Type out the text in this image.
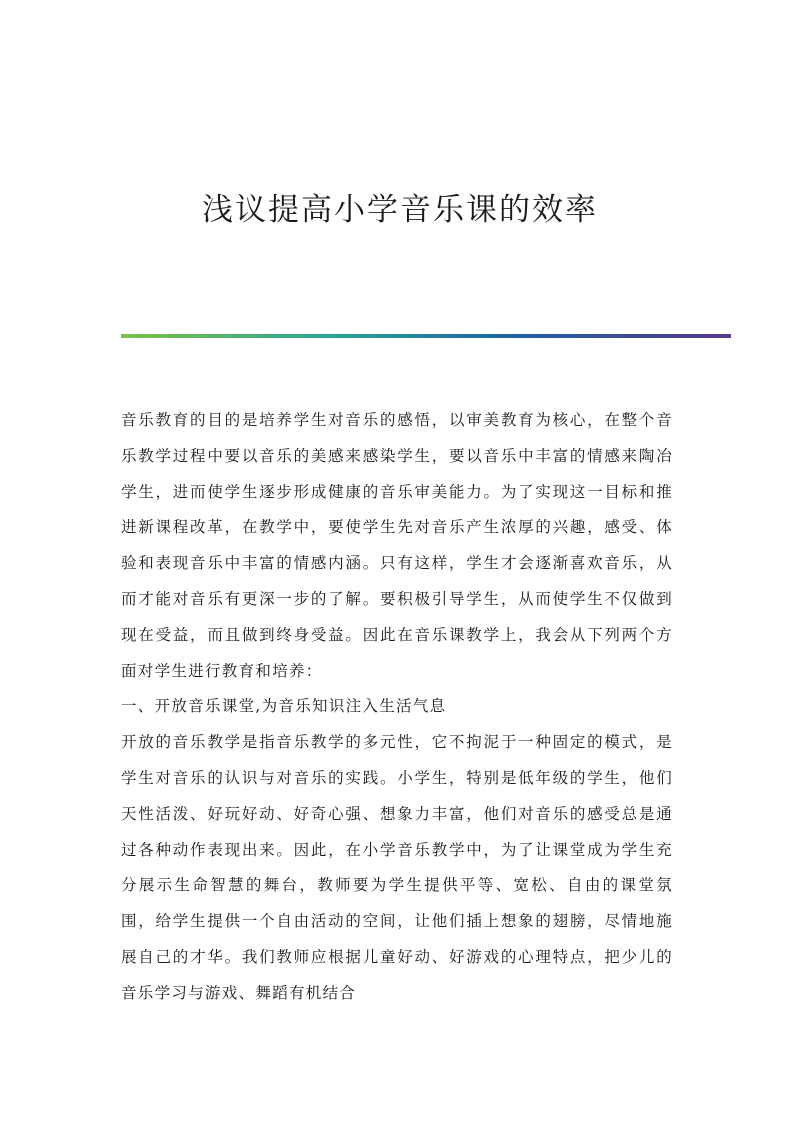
浅议提高小学音乐课的效率

音乐教育的目的是培养学生对音乐的感悟，以审美教育为核心，在整个音乐教学过程中要以音乐的美感来感染学生，要以音乐中丰富的情感来陶冶学生，进而使学生逐步形成健康的音乐审美能力。为了实现这一目标和推进新课程改革，在教学中，要使学生先对音乐产生浓厚的兴趣，感受、体验和表现音乐中丰富的情感内涵。只有这样，学生才会逐渐喜欢音乐，从而才能对音乐有更深一步的了解。要积极引导学生，从而使学生不仅做到现在受益，而且做到终身受益。因此在音乐课教学上，我会从下列两个方面对学生进行教育和培养：

一、开放音乐课堂,为音乐知识注入生活气息

开放的音乐教学是指音乐教学的多元性，它不拘泥于一种固定的模式，是学生对音乐的认识与对音乐的实践。小学生，特别是低年级的学生，他们天性活泼、好玩好动、好奇心强、想象力丰富，他们对音乐的感受总是通过各种动作表现出来。因此，在小学音乐教学中，为了让课堂成为学生充分展示生命智慧的舞台，教师要为学生提供平等、宽松、自由的课堂氛围，给学生提供一个自由活动的空间，让他们插上想象的翅膀，尽情地施展自己的才华。我们教师应根据儿童好动、好游戏的心理特点，把少儿的音乐学习与游戏、舞蹈有机结合
